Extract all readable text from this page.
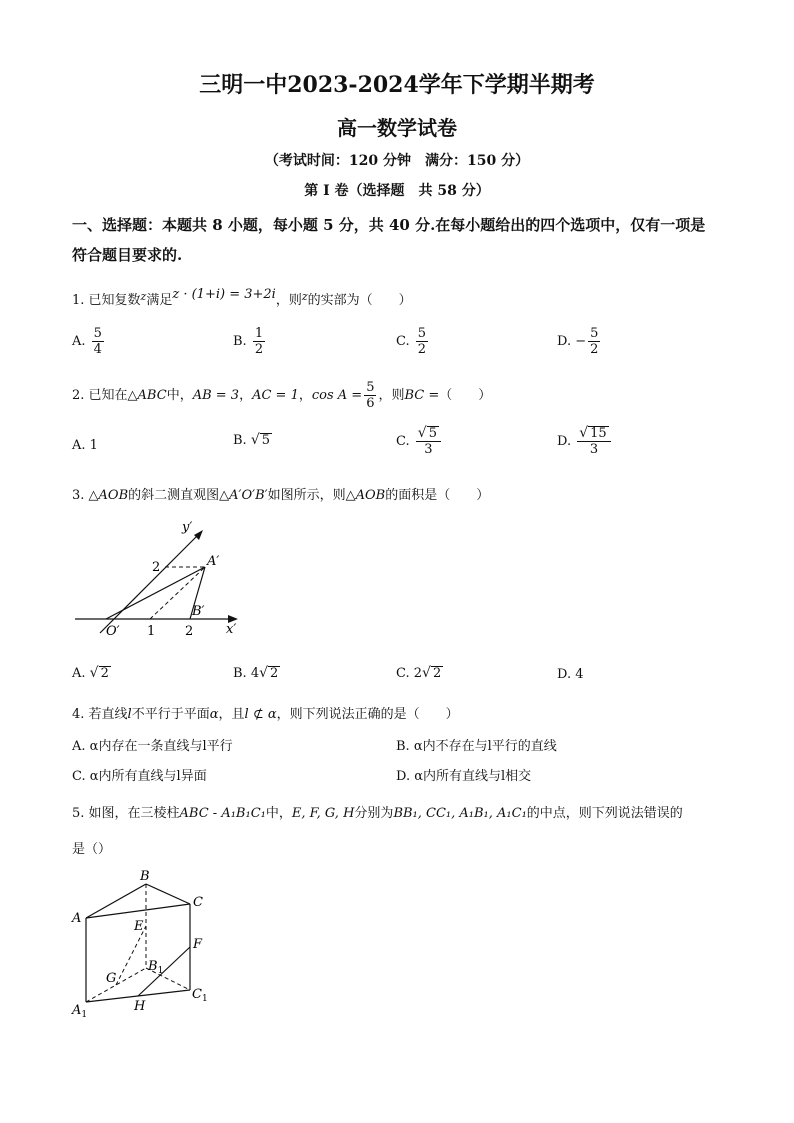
三明一中2023-2024学年下学期半期考
高一数学试卷
（考试时间：120 分钟　满分：150 分）
第 I 卷（选择题　共 58 分）
一、选择题：本题共 8 小题，每小题 5 分，共 40 分.在每小题给出的四个选项中，仅有一项是
符合题目要求的.
1. 已知复数$^z$满足z · (1+i) = 3+2i，则$^z$的实部为（　　）
A. $\frac{5}{4}$	B. $\frac{1}{2}$	C. $\frac{5}{2}$	D. − $\frac{5}{2}$
2. 已知在△ABC中，AB = 3，AC = 1，$\cos A = \frac{5}{6}$ ，则BC =（　　）
A. 1	B. √ 5	C. $\frac{√ 5}{3}$	D. $\frac{√ 15}{3}$
3. △AOB的斜二测直观图△A′O′B′如图所示，则△AOB的面积是（　　）
y′
x′
O′
A′
B′
1 2
2
A. √ 2	B. 4√ 2	C. 2√ 2	D. 4
4. 若直线l不平行于平面α，且l ⊄ α，则下列说法正确的是（　　）
A. α内存在一条直线与l平行	B. α内不存在与l平行的直线
C. α内所有直线与l异面	D. α内所有直线与l相交
5. 如图，在三棱柱ABC - A₁B₁C₁中，E, F, G, H分别为BB₁, CC₁, A₁B₁, A₁C₁的中点，则下列说法错误的
是（）
B
A
C
E
F
G
H
$B_1$
$C_1$
$A_1$
